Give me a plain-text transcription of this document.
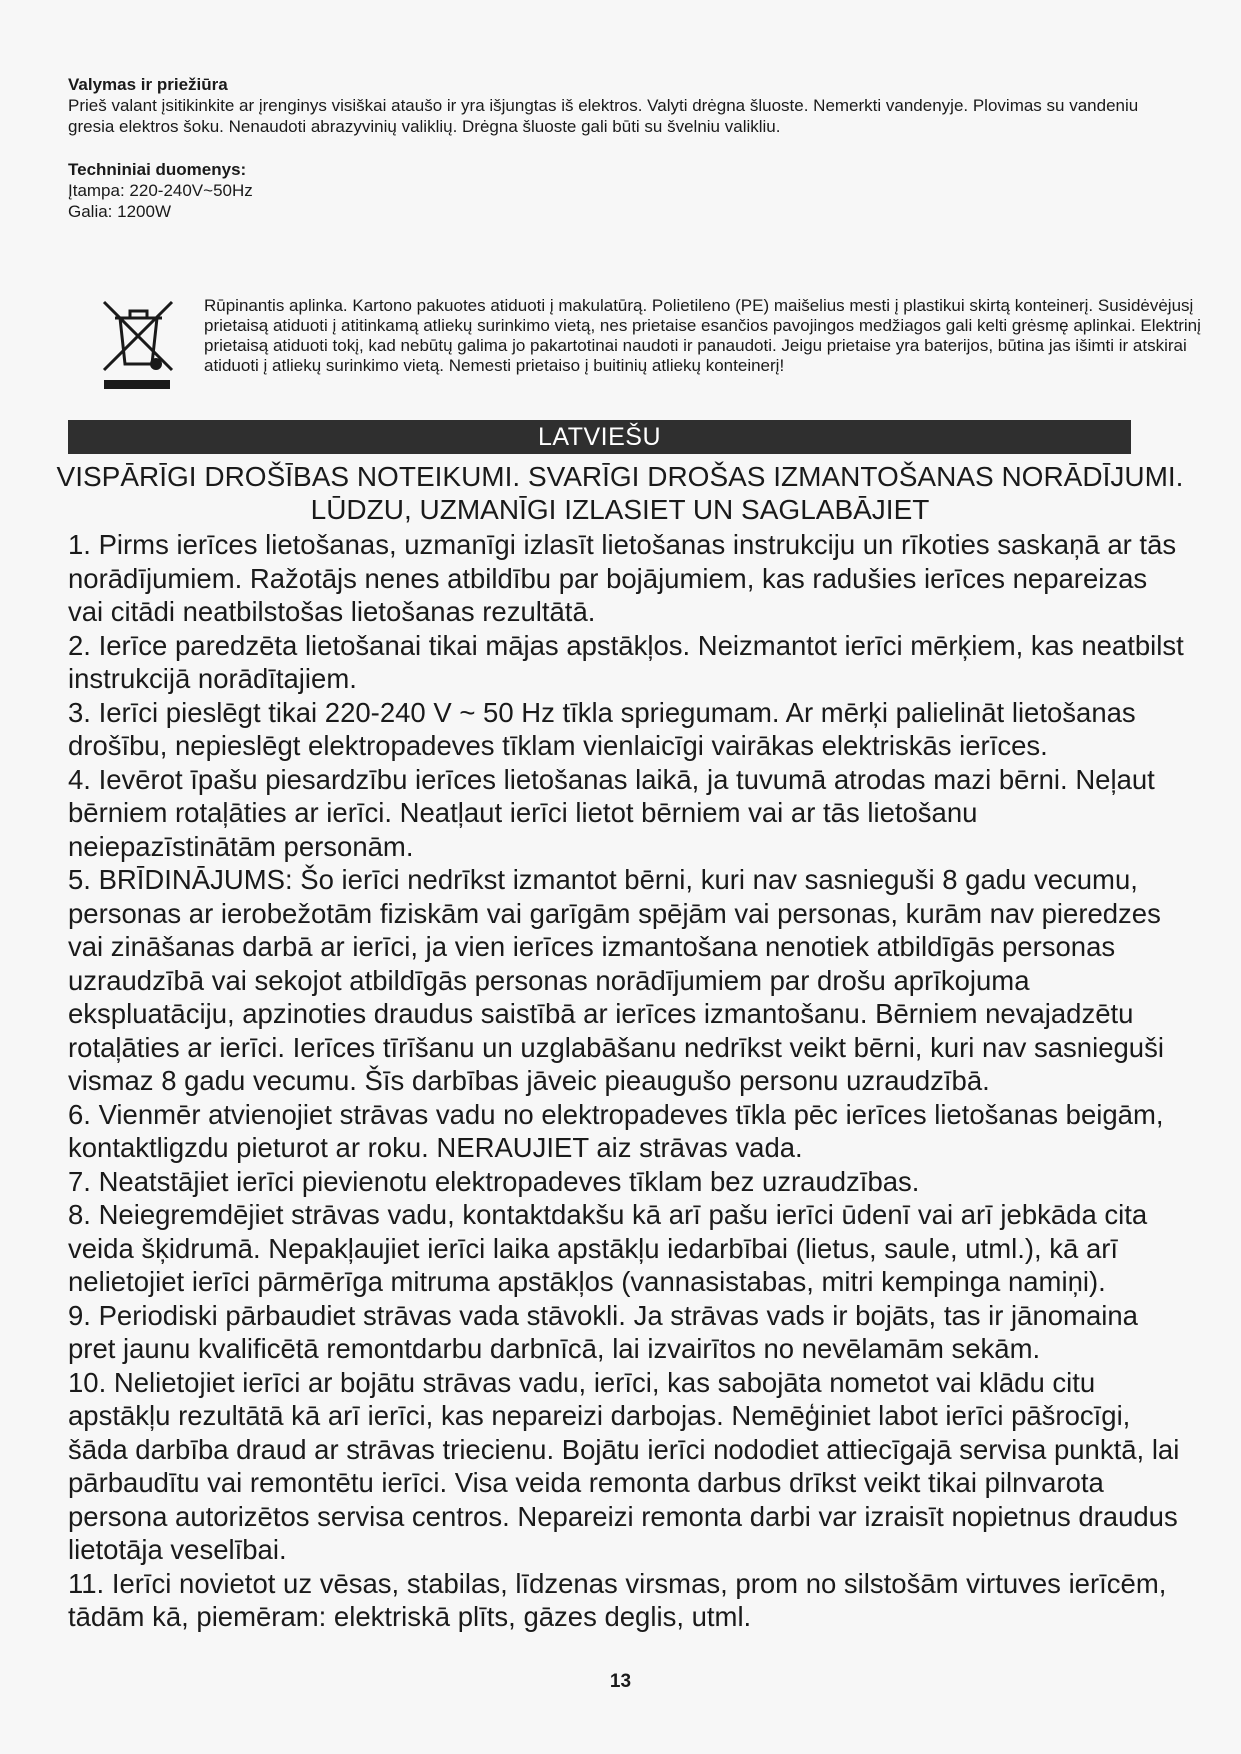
Valymas ir priežiūra

Prieš valant įsitikinkite ar įrenginys visiškai ataušo ir yra išjungtas iš elektros. Valyti drėgna šluoste. Nemerkti vandenyje. Plovimas su vandeniu gresia elektros šoku. Nenaudoti abrazyvinių valiklių. Drėgna šluoste gali būti su švelniu valikliu.

Techniniai duomenys:
Įtampa: 220-240V~50Hz
Galia: 1200W

Rūpinantis aplinka. Kartono pakuotes atiduoti į makulatūrą. Polietileno (PE) maišelius mesti į plastikui skirtą konteinerį. Susidėvėjusį prietaisą atiduoti į atitinkamą atliekų surinkimo vietą, nes prietaise esančios pavojingos medžiagos gali kelti grėsmę aplinkai. Elektrinį prietaisą atiduoti tokį, kad nebūtų galima jo pakartotinai naudoti ir panaudoti. Jeigu prietaise yra baterijos, būtina jas išimti ir atskirai atiduoti į atliekų surinkimo vietą. Nemesti prietaiso į buitinių atliekų konteinerį!

LATVIEŠU
VISPĀRĪGI DROŠĪBAS NOTEIKUMI. SVARĪGI DROŠAS IZMANTOŠANAS NORĀDĪJUMI.
LŪDZU, UZMANĪGI IZLASIET UN SAGLABĀJIET

1. Pirms ierīces lietošanas, uzmanīgi izlasīt lietošanas instrukciju un rīkoties saskaņā ar tās norādījumiem. Ražotājs nenes atbildību par bojājumiem, kas radušies ierīces nepareizas vai citādi neatbilstošas lietošanas rezultātā.

2. Ierīce paredzēta lietošanai tikai mājas apstākļos. Neizmantot ierīci mērķiem, kas neatbilst instrukcijā norādītajiem.

3. Ierīci pieslēgt tikai 220-240 V ~ 50 Hz tīkla spriegumam. Ar mērķi palielināt lietošanas drošību, nepieslēgt elektropadeves tīklam vienlaicīgi vairākas elektriskās ierīces.

4. Ievērot īpašu piesardzību ierīces lietošanas laikā, ja tuvumā atrodas mazi bērni. Neļaut bērniem rotaļāties ar ierīci. Neatļaut ierīci lietot bērniem vai ar tās lietošanu neiepazīstinātām personām.

5. BRĪDINĀJUMS: Šo ierīci nedrīkst izmantot bērni, kuri nav sasnieguši 8 gadu vecumu, personas ar ierobežotām fiziskām vai garīgām spējām vai personas, kurām nav pieredzes vai zināšanas darbā ar ierīci, ja vien ierīces izmantošana nenotiek atbildīgās personas uzraudzībā vai sekojot atbildīgās personas norādījumiem par drošu aprīkojuma ekspluatāciju, apzinoties draudus saistībā ar ierīces izmantošanu. Bērniem nevajadzētu rotaļāties ar ierīci. Ierīces tīrīšanu un uzglabāšanu nedrīkst veikt bērni, kuri nav sasnieguši vismaz 8 gadu vecumu. Šīs darbības jāveic pieaugušo personu uzraudzībā.

6. Vienmēr atvienojiet strāvas vadu no elektropadeves tīkla pēc ierīces lietošanas beigām, kontaktligzdu pieturot ar roku. NERAUJIET aiz strāvas vada.

7. Neatstājiet ierīci pievienotu elektropadeves tīklam bez uzraudzības.

8. Neiegremdējiet strāvas vadu, kontaktdakšu kā arī pašu ierīci ūdenī vai arī jebkāda cita veida šķidrumā. Nepakļaujiet ierīci laika apstākļu iedarbībai (lietus, saule, utml.), kā arī nelietojiet ierīci pārmērīga mitruma apstākļos (vannasistabas, mitri kempinga namiņi).

9. Periodiski pārbaudiet strāvas vada stāvokli. Ja strāvas vads ir bojāts, tas ir jānomaina pret jaunu kvalificētā remontdarbu darbnīcā, lai izvairītos no nevēlamām sekām.

10. Nelietojiet ierīci ar bojātu strāvas vadu, ierīci, kas sabojāta nometot vai klādu citu apstākļu rezultātā kā arī ierīci, kas nepareizi darbojas. Nemēģiniet labot ierīci pāšrocīgi, šāda darbība draud ar strāvas triecienu. Bojātu ierīci nododiet attiecīgajā servisa punktā, lai pārbaudītu vai remontētu ierīci. Visa veida remonta darbus drīkst veikt tikai pilnvarota persona autorizētos servisa centros. Nepareizi remonta darbi var izraisīt nopietnus draudus lietotāja veselībai.

11. Ierīci novietot uz vēsas, stabilas, līdzenas virsmas, prom no silstošām virtuves ierīcēm, tādām kā, piemēram: elektriskā plīts, gāzes deglis, utml.

13
